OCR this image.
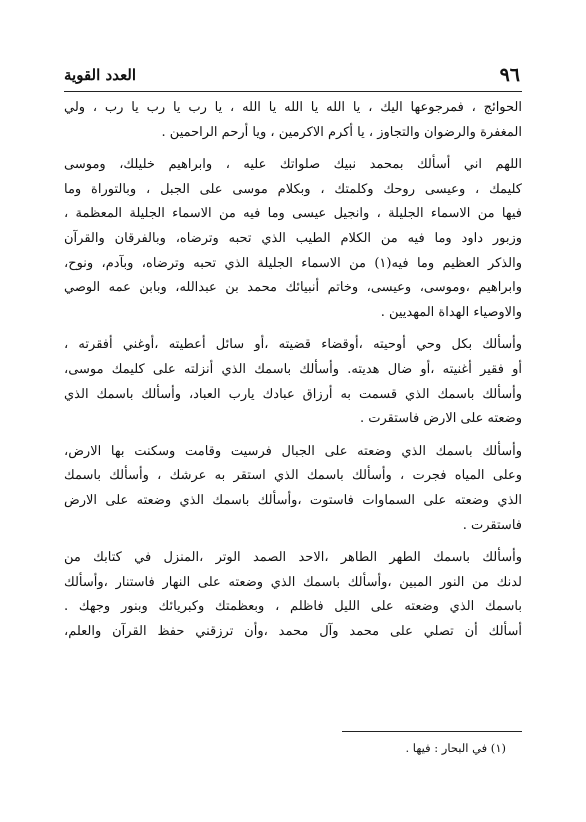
٩٦
العدد القوية
الحوائج ، فمرجوعها اليك ، يا الله يا الله يا الله ، يا رب يا رب يا رب ، ولي
المغفرة والرضوان والتجاوز ، يا أكرم الاكرمين ، ويا أرحم الراحمين .
اللهم اني أسألك بمحمد نبيك صلواتك عليه ، وابراهيم خليلك، وموسى
كليمك ، وعيسى روحك وكلمتك ، وبكلام موسى على الجبل ، وبالتوراة وما
فيها من الاسماء الجليلة ، وانجيل عيسى وما فيه من الاسماء الجليلة المعظمة ،
وزبور داود وما فيه من الكلام الطيب الذي تحبه وترضاه، وبالفرقان والقرآن
والذكر العظيم وما فيه(١) من الاسماء الجليلة الذي تحبه وترضاه، وبآدم، ونوح،
وابراهيم ،وموسى، وعيسى، وخاتم أنبيائك محمد بن عبدالله، وبابن عمه الوصي
والاوصياء الهداة المهديين .
وأسألك بكل وحي أوحيته ،أوقضاء قضيته ،أو سائل أعطيته ،أوغني أفقرته ،
أو فقير أغنيته ،أو ضال هديته. وأسألك باسمك الذي أنزلته على كليمك موسى،
وأسألك باسمك الذي قسمت به أرزاق عبادك يارب العباد، وأسألك باسمك الذي
وضعته على الارض فاستقرت .
وأسألك باسمك الذي وضعته على الجبال فرسيت وقامت وسكنت بها الارض،
وعلى المياه فجرت ، وأسألك باسمك الذي استقر به عرشك ، وأسألك باسمك
الذي وضعته على السماوات فاستوت ،وأسألك باسمك الذي وضعته على الارض
فاستقرت .
وأسألك باسمك الطهر الطاهر ،الاحد الصمد الوتر ،المنزل في كتابك من
لدنك من النور المبين ،وأسألك باسمك الذي وضعته على النهار فاستنار ،وأسألك
باسمك الذي وضعته على الليل فاظلم ، وبعظمتك وكبريائك وبنور وجهك .
أسألك أن تصلي على محمد وآل محمد ،وأن ترزقني حفظ القرآن والعلم،
(١) في البحار : فيها .
